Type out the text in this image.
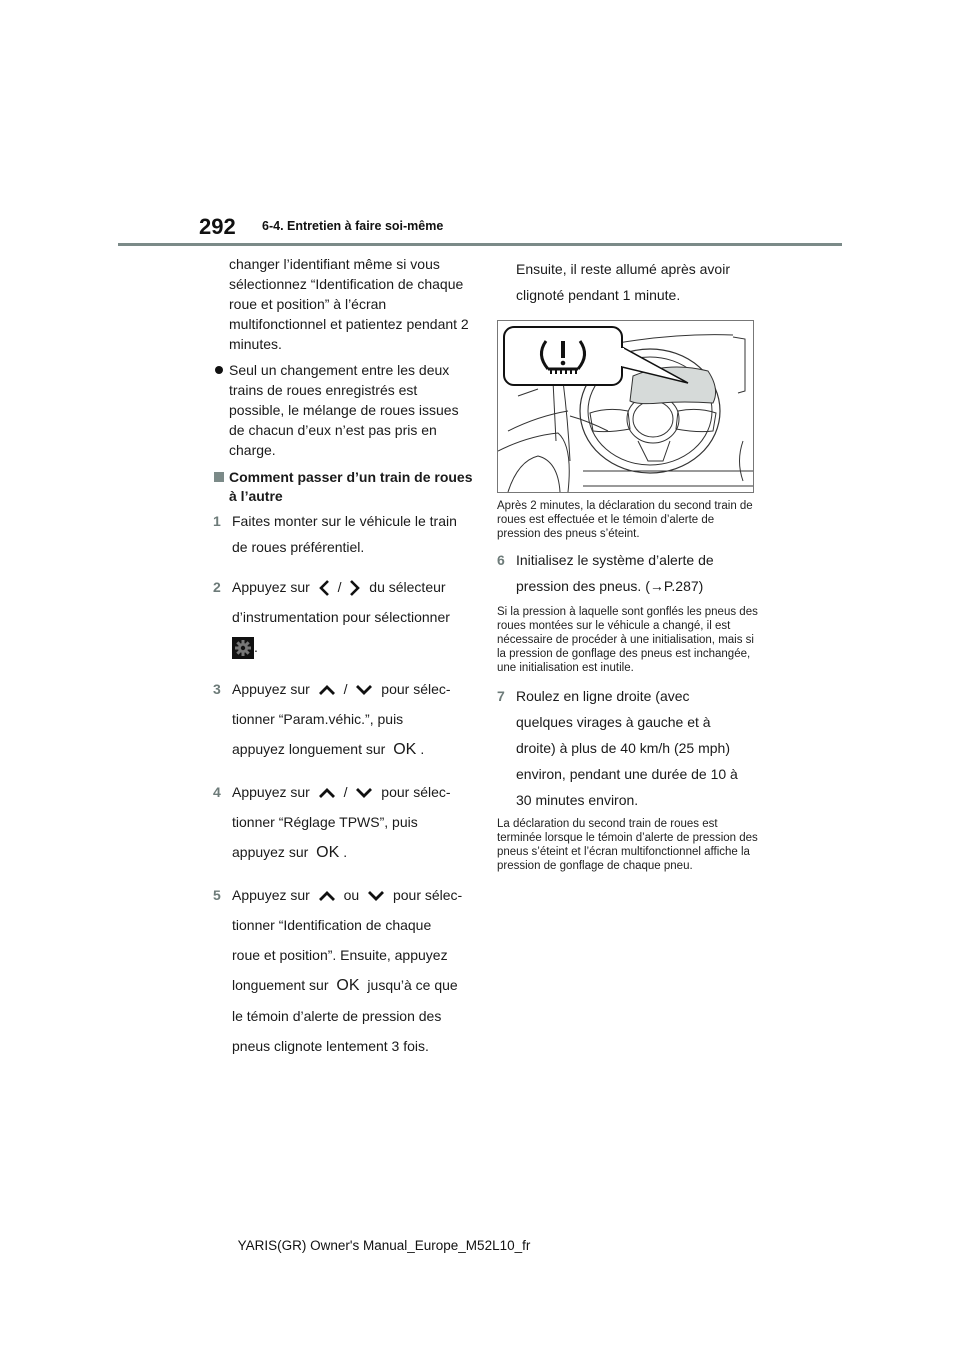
292 6-4. Entretien à faire soi-même

changer l’identifiant même si vous sélectionnez “Identification de chaque roue et position” à l’écran multifonctionnel et patientez pendant 2 minutes.

Seul un changement entre les deux trains de roues enregistrés est possible, le mélange de roues issues de chacun d’eux n’est pas pris en charge.
Comment passer d’un train de roues à l’autre
1 Faites monter sur le véhicule le train
de roues préférentiel.
2 Appuyez sur / du sélecteur
d’instrumentation pour sélectionner
.
3 Appuyez sur / pour sélec-
tionner “Param.véhic.”, puis
appuyez longuement sur OK .
4 Appuyez sur / pour sélec-
tionner “Réglage TPWS”, puis
appuyez sur OK .
5 Appuyez sur ou pour sélec-
tionner “Identification de chaque
roue et position”. Ensuite, appuyez
longuement sur OK jusqu’à ce que
le témoin d’alerte de pression des
pneus clignote lentement 3 fois.
Ensuite, il reste allumé après avoir
clignoté pendant 1 minute.

Après 2 minutes, la déclaration du second train de roues est effectuée et le témoin d’alerte de pression des pneus s’éteint.

6 Initialisez le système d’alerte de
pression des pneus. (→P.287)

Si la pression à laquelle sont gonflés les pneus des roues montées sur le véhicule a changé, il est nécessaire de procéder à une initialisation, mais si la pression de gonflage des pneus est inchangée, une initialisation est inutile.

7 Roulez en ligne droite (avec
quelques virages à gauche et à
droite) à plus de 40 km/h (25 mph)
environ, pendant une durée de 10 à
30 minutes environ.

La déclaration du second train de roues est terminée lorsque le témoin d’alerte de pression des pneus s’éteint et l’écran multifonctionnel affiche la pression de gonflage de chaque pneu.

YARIS(GR) Owner's Manual_Europe_M52L10_fr
